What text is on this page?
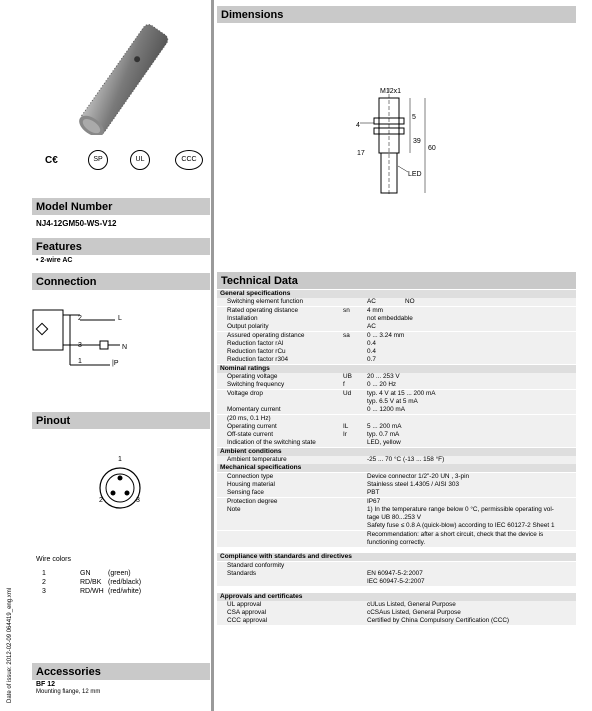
C€	SP	UL	CCC
Model Number
NJ4-12GM50-WS-V12
Features
• 2-wire AC
Connection
2
3
1
L
N
|P
Pinout
1
2	3
Wire colors
1	GN	(green)
2	RD/BK (red/black)
3	RD/WH (red/white)
Accessories
BF 12
Mounting flange, 12 mm
Date of issue: 2012-02-09 064419_eng.xml
Dimensions
M12x1
4
5
17
39
60
LED
Technical Data
General specifications
Switching element function	AC	NO
Rated operating distance	sn	4 mm
Installation	not embeddable
Output polarity	AC
Assured operating distance	sa	0 ... 3.24 mm
Reduction factor rAl	0.4
Reduction factor rCu	0.4
Reduction factor r304	0.7
Nominal ratings
Operating voltage	UB 20 ... 253 V
Switching frequency	f	0 ... 20 Hz
Voltage drop	Ud typ. 4 V at 15 ... 200 mA
typ. 6.5 V at 5 mA
Momentary current	0 ... 1200 mA
(20 ms, 0.1 Hz)
Operating current	IL	5 ... 200 mA
Off-state current	Ir	typ. 0.7 mA
Indication of the switching state	LED, yellow
Ambient conditions
Ambient temperature	-25 ... 70 °C (-13 ... 158 °F)
Mechanical specifications
Connection type	Device connector 1/2"-20 UN , 3-pin
Housing material	Stainless steel 1.4305 / AISI 303
Sensing face	PBT
Protection degree	IP67
Note	1) In the temperature range below 0 °C, permissible operating vol-
tage UB 80...253 V
Safety fuse ≤ 0.8 A (quick-blow) according to IEC 60127-2 Sheet 1
Recommendation: after a short circuit, check that the device is
functioning correctly.
Compliance with standards and directives
Standard conformity
Standards	EN 60947-5-2:2007
IEC 60947-5-2:2007
Approvals and certificates
UL approval	cULus Listed, General Purpose
CSA approval	cCSAus Listed, General Purpose
CCC approval	Certified by China Compulsory Certification (CCC)
